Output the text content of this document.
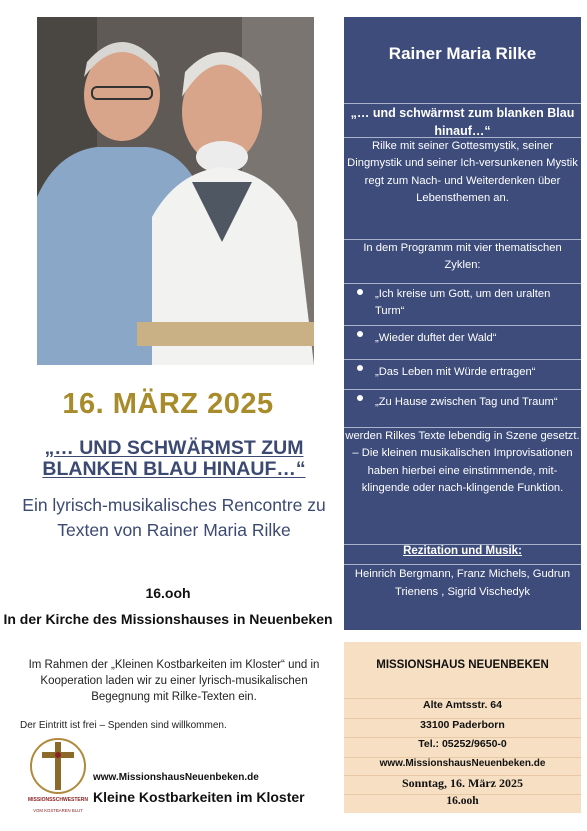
16. MÄRZ 2025
„… UND SCHWÄRMST ZUM BLANKEN BLAU HINAUF…“
Ein lyrisch-musikalisches Rencontre zu Texten von Rainer Maria Rilke
16.ooh
In der Kirche des Missionshauses in Neuenbeken
Im Rahmen der „Kleinen Kostbarkeiten im Kloster“ und in Kooperation laden wir zu einer lyrisch-musikalischen Begegnung mit Rilke-Texten ein.
Der Eintritt ist frei – Spenden sind willkommen.
MISSIONSSCHWESTERN
VOM KOSTBAREN BLUT
www.MissionshausNeuenbeken.de
Kleine Kostbarkeiten im Kloster
Rainer Maria Rilke
„… und schwärmst zum blanken Blau hinauf…“
Rilke mit seiner Gottesmystik, seiner Dingmystik und seiner Ich-versunkenen Mystik regt zum Nach- und Weiterdenken über Lebensthemen an.
In dem Programm mit vier thematischen Zyklen:
„Ich kreise um Gott, um den uralten Turm“
„Wieder duftet der Wald“
„Das Leben mit Würde ertragen“
„Zu Hause zwischen Tag und Traum“
werden Rilkes Texte lebendig in Szene gesetzt. – Die kleinen musikalischen Improvisationen haben hierbei eine einstimmende, mit-klingende oder nach-klingende Funktion.
Rezitation und Musik:
Heinrich Bergmann, Franz Michels, Gudrun Trienens , Sigrid Vischedyk
MISSIONSHAUS NEUENBEKEN
Alte Amtsstr. 64
33100 Paderborn
Tel.: 05252/9650-0
www.MissionshausNeuenbeken.de
Sonntag, 16. März 2025
16.ooh
